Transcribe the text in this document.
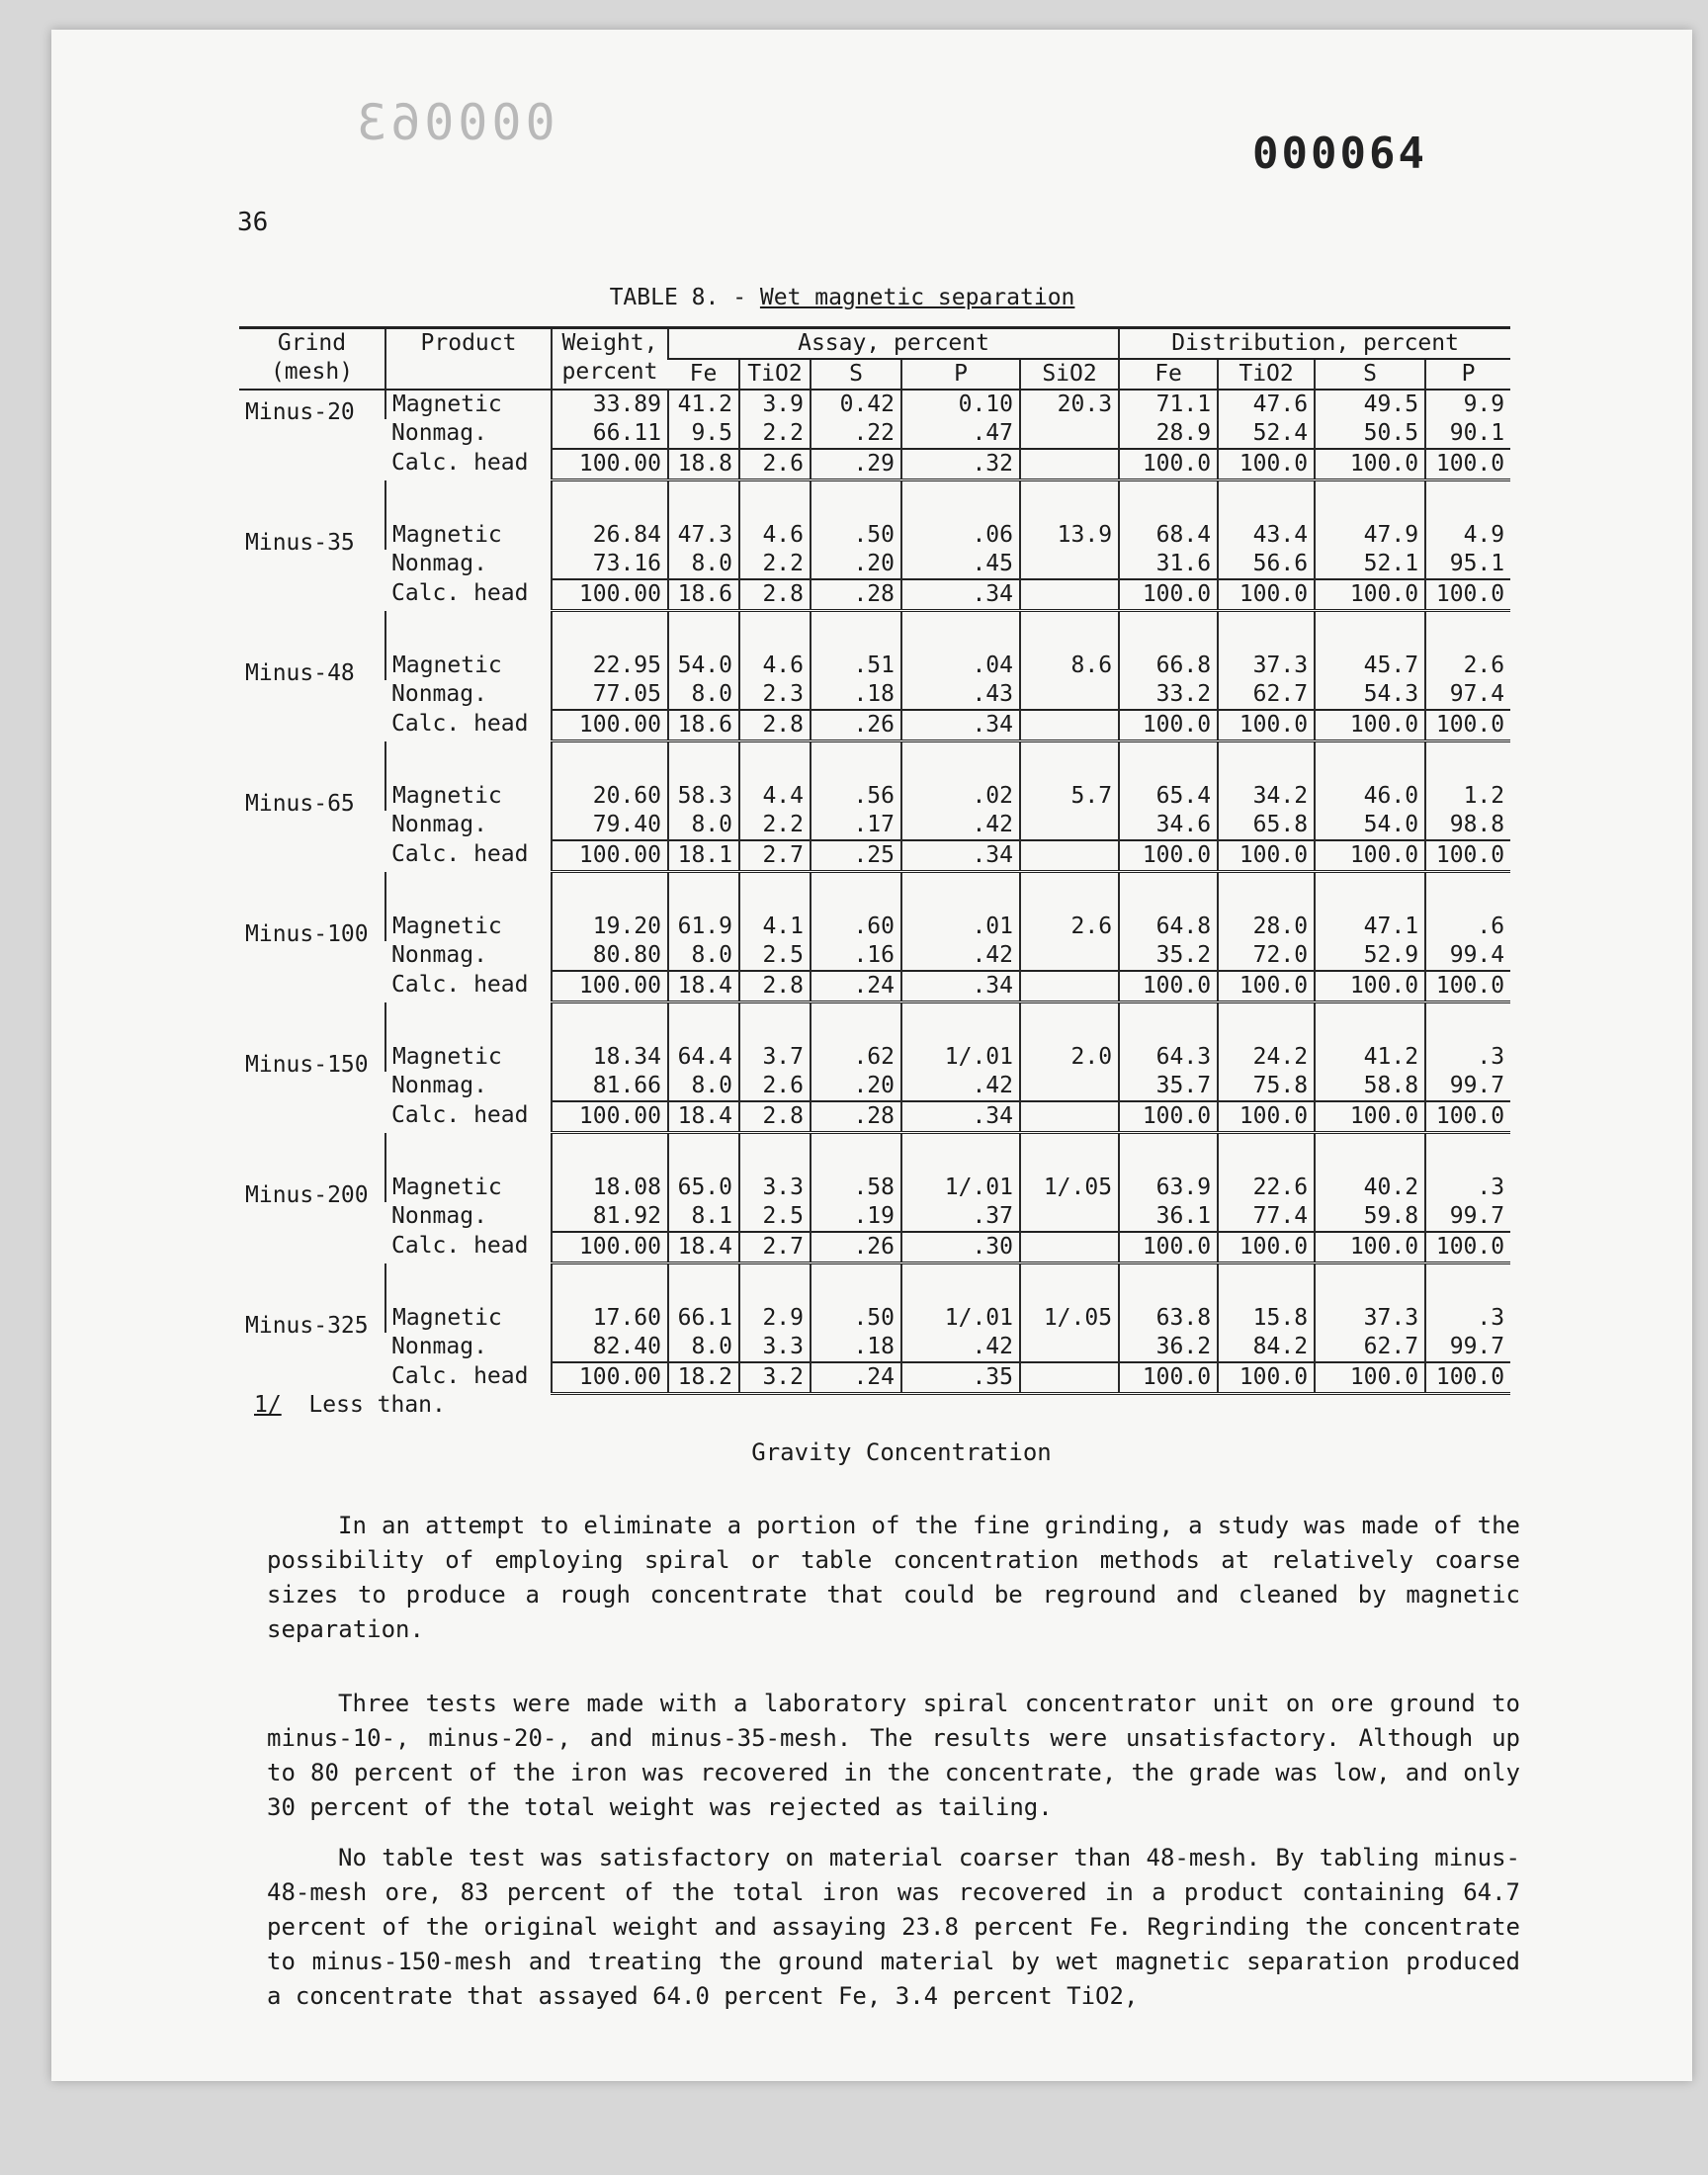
000063
000064
36
TABLE 8. - Wet magnetic separation
Grind (mesh)	Product	Weight, percent	Assay, percent					Distribution, percent			
			Fe	TiO2	S	P	SiO2	Fe	TiO2	S	P
Minus-20	Magnetic	33.89	41.2	3.9	0.42	0.10	20.3	71.1	47.6	49.5	9.9
	Nonmag.	66.11	9.5	2.2	.22	.47		28.9	52.4	50.5	90.1
	Calc. head	100.00	18.8	2.6	.29	.32		100.0	100.0	100.0	100.0

Minus-35	Magnetic	26.84	47.3	4.6	.50	.06	13.9	68.4	43.4	47.9	4.9
	Nonmag.	73.16	8.0	2.2	.20	.45		31.6	56.6	52.1	95.1
	Calc. head	100.00	18.6	2.8	.28	.34		100.0	100.0	100.0	100.0

Minus-48	Magnetic	22.95	54.0	4.6	.51	.04	8.6	66.8	37.3	45.7	2.6
	Nonmag.	77.05	8.0	2.3	.18	.43		33.2	62.7	54.3	97.4
	Calc. head	100.00	18.6	2.8	.26	.34		100.0	100.0	100.0	100.0

Minus-65	Magnetic	20.60	58.3	4.4	.56	.02	5.7	65.4	34.2	46.0	1.2
	Nonmag.	79.40	8.0	2.2	.17	.42		34.6	65.8	54.0	98.8
	Calc. head	100.00	18.1	2.7	.25	.34		100.0	100.0	100.0	100.0

Minus-100	Magnetic	19.20	61.9	4.1	.60	.01	2.6	64.8	28.0	47.1	.6
	Nonmag.	80.80	8.0	2.5	.16	.42		35.2	72.0	52.9	99.4
	Calc. head	100.00	18.4	2.8	.24	.34		100.0	100.0	100.0	100.0

Minus-150	Magnetic	18.34	64.4	3.7	.62	1/.01	2.0	64.3	24.2	41.2	.3
	Nonmag.	81.66	8.0	2.6	.20	.42		35.7	75.8	58.8	99.7
	Calc. head	100.00	18.4	2.8	.28	.34		100.0	100.0	100.0	100.0

Minus-200	Magnetic	18.08	65.0	3.3	.58	1/.01	1/.05	63.9	22.6	40.2	.3
	Nonmag.	81.92	8.1	2.5	.19	.37		36.1	77.4	59.8	99.7
	Calc. head	100.00	18.4	2.7	.26	.30		100.0	100.0	100.0	100.0

Minus-325	Magnetic	17.60	66.1	2.9	.50	1/.01	1/.05	63.8	15.8	37.3	.3
	Nonmag.	82.40	8.0	3.3	.18	.42		36.2	84.2	62.7	99.7
	Calc. head	100.00	18.2	3.2	.24	.35		100.0	100.0	100.0	100.0
1/ Less than.
Gravity Concentration

In an attempt to eliminate a portion of the fine grinding, a study was made of the possibility of employing spiral or table concentration methods at relatively coarse sizes to produce a rough concentrate that could be reground and cleaned by magnetic separation.

Three tests were made with a laboratory spiral concentrator unit on ore ground to minus-10-, minus-20-, and minus-35-mesh. The results were unsatisfactory. Although up to 80 percent of the iron was recovered in the concentrate, the grade was low, and only 30 percent of the total weight was rejected as tailing.

No table test was satisfactory on material coarser than 48-mesh. By tabling minus-48-mesh ore, 83 percent of the total iron was recovered in a product containing 64.7 percent of the original weight and assaying 23.8 percent Fe. Regrinding the concentrate to minus-150-mesh and treating the ground material by wet magnetic separation produced a concentrate that assayed 64.0 percent Fe, 3.4 percent TiO2,
